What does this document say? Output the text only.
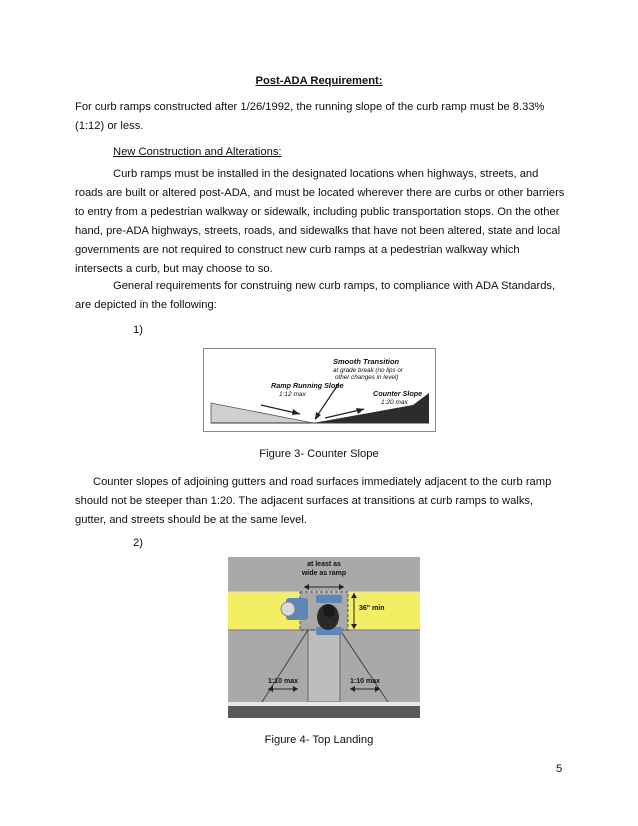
Post-ADA Requirement:

For curb ramps constructed after 1/26/1992, the running slope of the curb ramp must be 8.33% (1:12) or less.

New Construction and Alterations:

Curb ramps must be installed in the designated locations when highways, streets, and roads are built or altered post-ADA, and must be located wherever there are curbs or other barriers to entry from a pedestrian walkway or sidewalk, including public transportation stops. On the other hand, pre-ADA highways, streets, roads, and sidewalks that have not been altered, state and local governments are not required to construct new curb ramps at a pedestrian walkway which intersects a curb, but may choose to so.

General requirements for construing new curb ramps, to compliance with ADA Standards, are depicted in the following:

1)
Smooth Transition
at grade break (no lips or
other changes in level)
Ramp Running Slope
1:12 max	Counter Slope
1:20 max
Figure 3- Counter Slope

Counter slopes of adjoining gutters and road surfaces immediately adjacent to the curb ramp should not be steeper than 1:20. The adjacent surfaces at transitions at curb ramps to walks, gutter, and streets should be at the same level.

2)
at least as
wide as ramp
36" min
1:10 max	1:10 max
Figure 4- Top Landing
5
